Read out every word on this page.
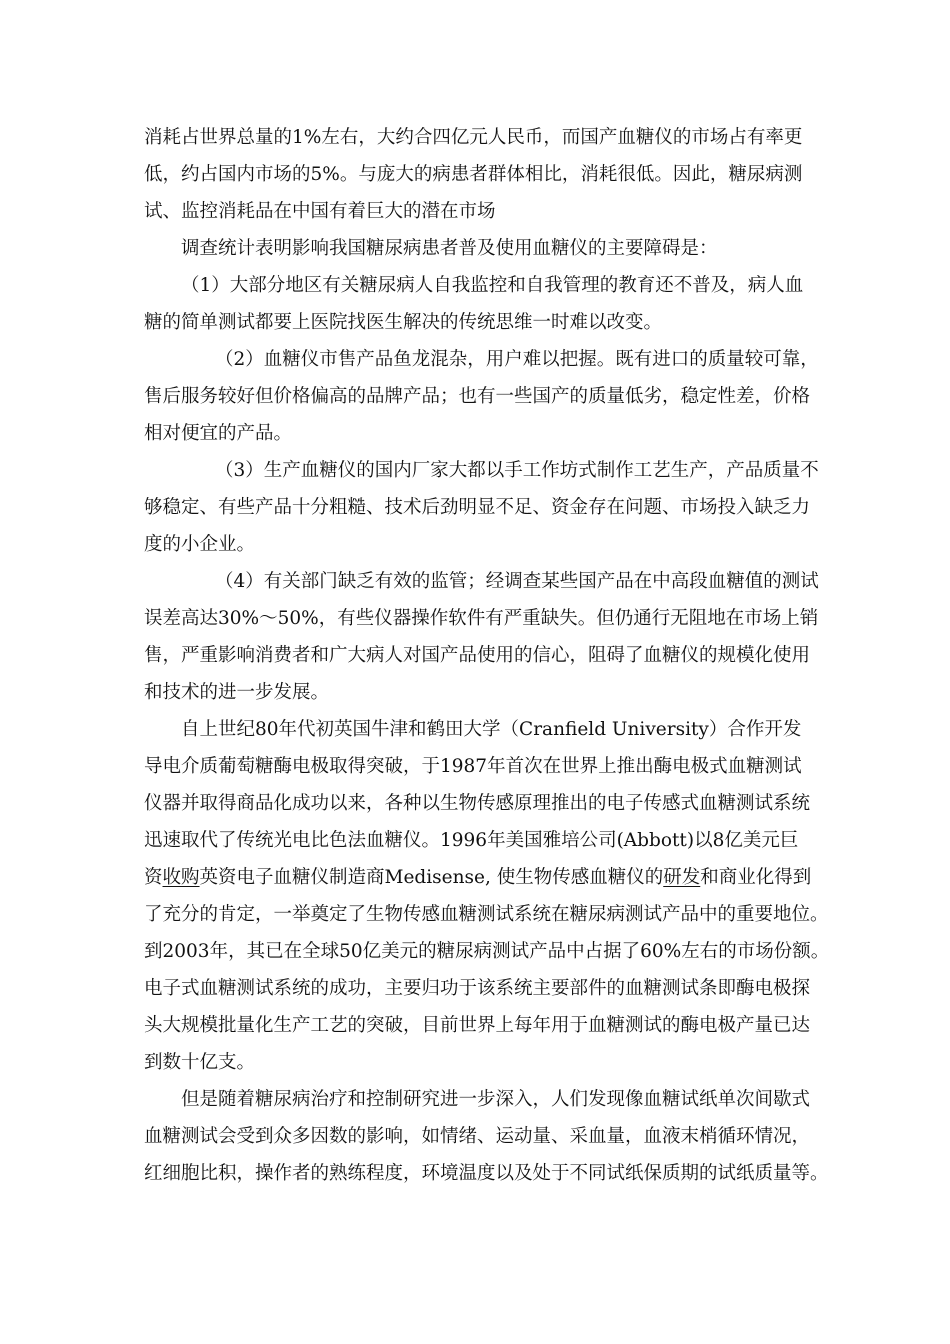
消耗占世界总量的1%左右，大约合四亿元人民币，而国产血糖仪的市场占有率更

低，约占国内市场的5%。与庞大的病患者群体相比，消耗很低。因此，糖尿病测

试、监控消耗品在中国有着巨大的潜在市场

调查统计表明影响我国糖尿病患者普及使用血糖仪的主要障碍是：

（1）大部分地区有关糖尿病人自我监控和自我管理的教育还不普及，病人血

糖的简单测试都要上医院找医生解决的传统思维一时难以改变。

（2）血糖仪市售产品鱼龙混杂，用户难以把握。既有进口的质量较可靠，

售后服务较好但价格偏高的品牌产品；也有一些国产的质量低劣，稳定性差，价格

相对便宜的产品。

（3）生产血糖仪的国内厂家大都以手工作坊式制作工艺生产，产品质量不

够稳定、有些产品十分粗糙、技术后劲明显不足、资金存在问题、市场投入缺乏力

度的小企业。

（4）有关部门缺乏有效的监管；经调查某些国产品在中高段血糖值的测试

误差高达30%～50%，有些仪器操作软件有严重缺失。但仍通行无阻地在市场上销

售，严重影响消费者和广大病人对国产品使用的信心，阻碍了血糖仪的规模化使用

和技术的进一步发展。

自上世纪80年代初英国牛津和鹤田大学（Cranfield University）合作开发

导电介质葡萄糖酶电极取得突破，于1987年首次在世界上推出酶电极式血糖测试

仪器并取得商品化成功以来，各种以生物传感原理推出的电子传感式血糖测试系统

迅速取代了传统光电比色法血糖仪。1996年美国雅培公司(Abbott)以8亿美元巨

资收购英资电子血糖仪制造商Medisense, 使生物传感血糖仪的研发和商业化得到

了充分的肯定，一举奠定了生物传感血糖测试系统在糖尿病测试产品中的重要地位。

到2003年，其已在全球50亿美元的糖尿病测试产品中占据了60%左右的市场份额。

电子式血糖测试系统的成功，主要归功于该系统主要部件的血糖测试条即酶电极探

头大规模批量化生产工艺的突破，目前世界上每年用于血糖测试的酶电极产量已达

到数十亿支。

但是随着糖尿病治疗和控制研究进一步深入，人们发现像血糖试纸单次间歇式

血糖测试会受到众多因数的影响，如情绪、运动量、采血量，血液末梢循环情况，

红细胞比积，操作者的熟练程度，环境温度以及处于不同试纸保质期的试纸质量等。
